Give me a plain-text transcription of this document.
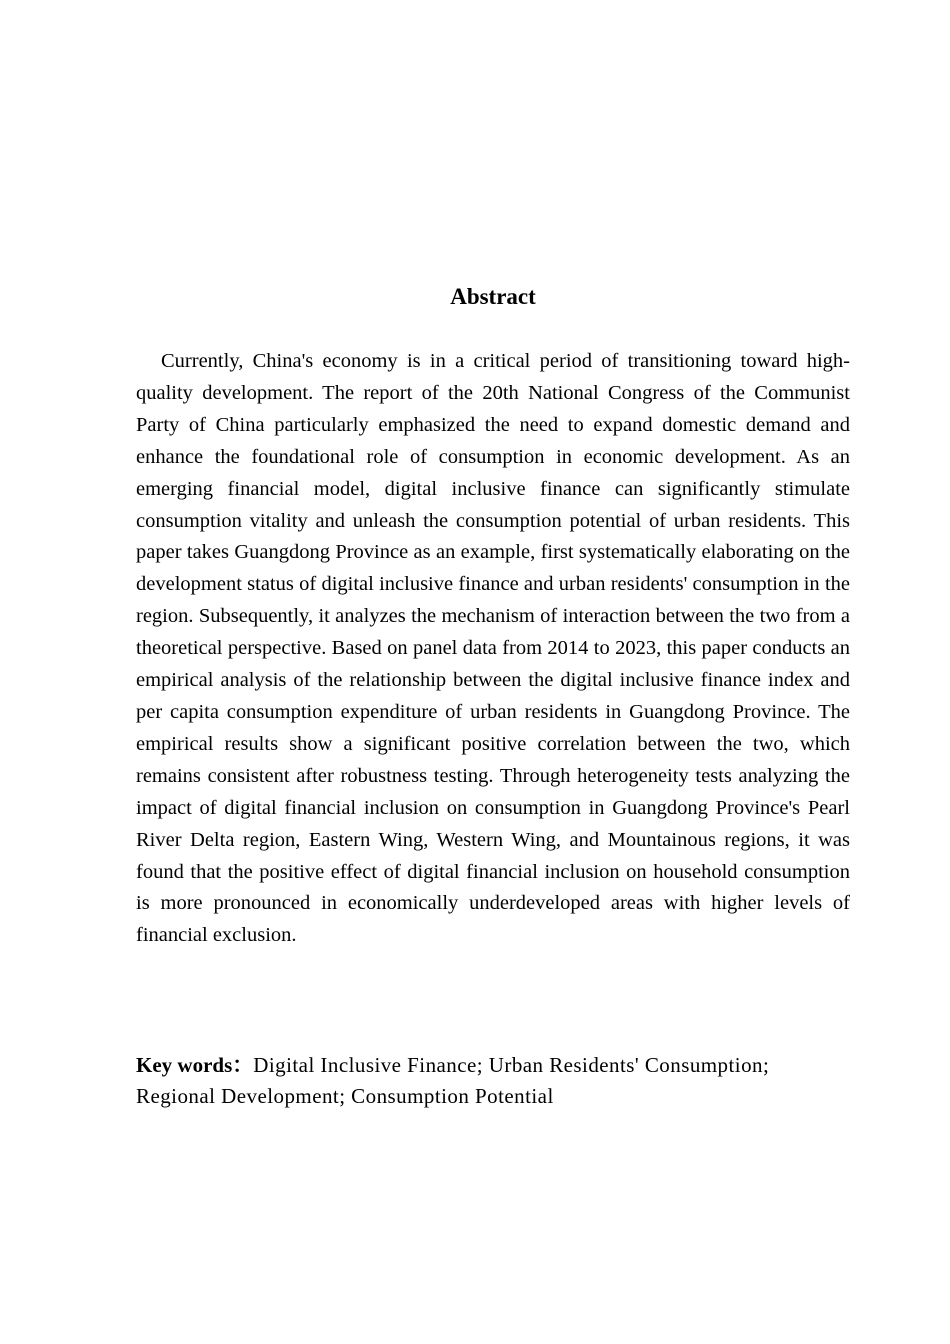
Abstract

Currently, China's economy is in a critical period of transitioning toward high-quality development. The report of the 20th National Congress of the Communist Party of China particularly emphasized the need to expand domestic demand and enhance the foundational role of consumption in economic development. As an emerging financial model, digital inclusive finance can significantly stimulate consumption vitality and unleash the consumption potential of urban residents. This paper takes Guangdong Province as an example, first systematically elaborating on the development status of digital inclusive finance and urban residents' consumption in the region. Subsequently, it analyzes the mechanism of interaction between the two from a theoretical perspective. Based on panel data from 2014 to 2023, this paper conducts an empirical analysis of the relationship between the digital inclusive finance index and per capita consumption expenditure of urban residents in Guangdong Province. The empirical results show a significant positive correlation between the two, which remains consistent after robustness testing. Through heterogeneity tests analyzing the impact of digital financial inclusion on consumption in Guangdong Province's Pearl River Delta region, Eastern Wing, Western Wing, and Mountainous regions, it was found that the positive effect of digital financial inclusion on household consumption is more pronounced in economically underdeveloped areas with higher levels of financial exclusion.

Key words：Digital Inclusive Finance; Urban Residents' Consumption; Regional Development; Consumption Potential
